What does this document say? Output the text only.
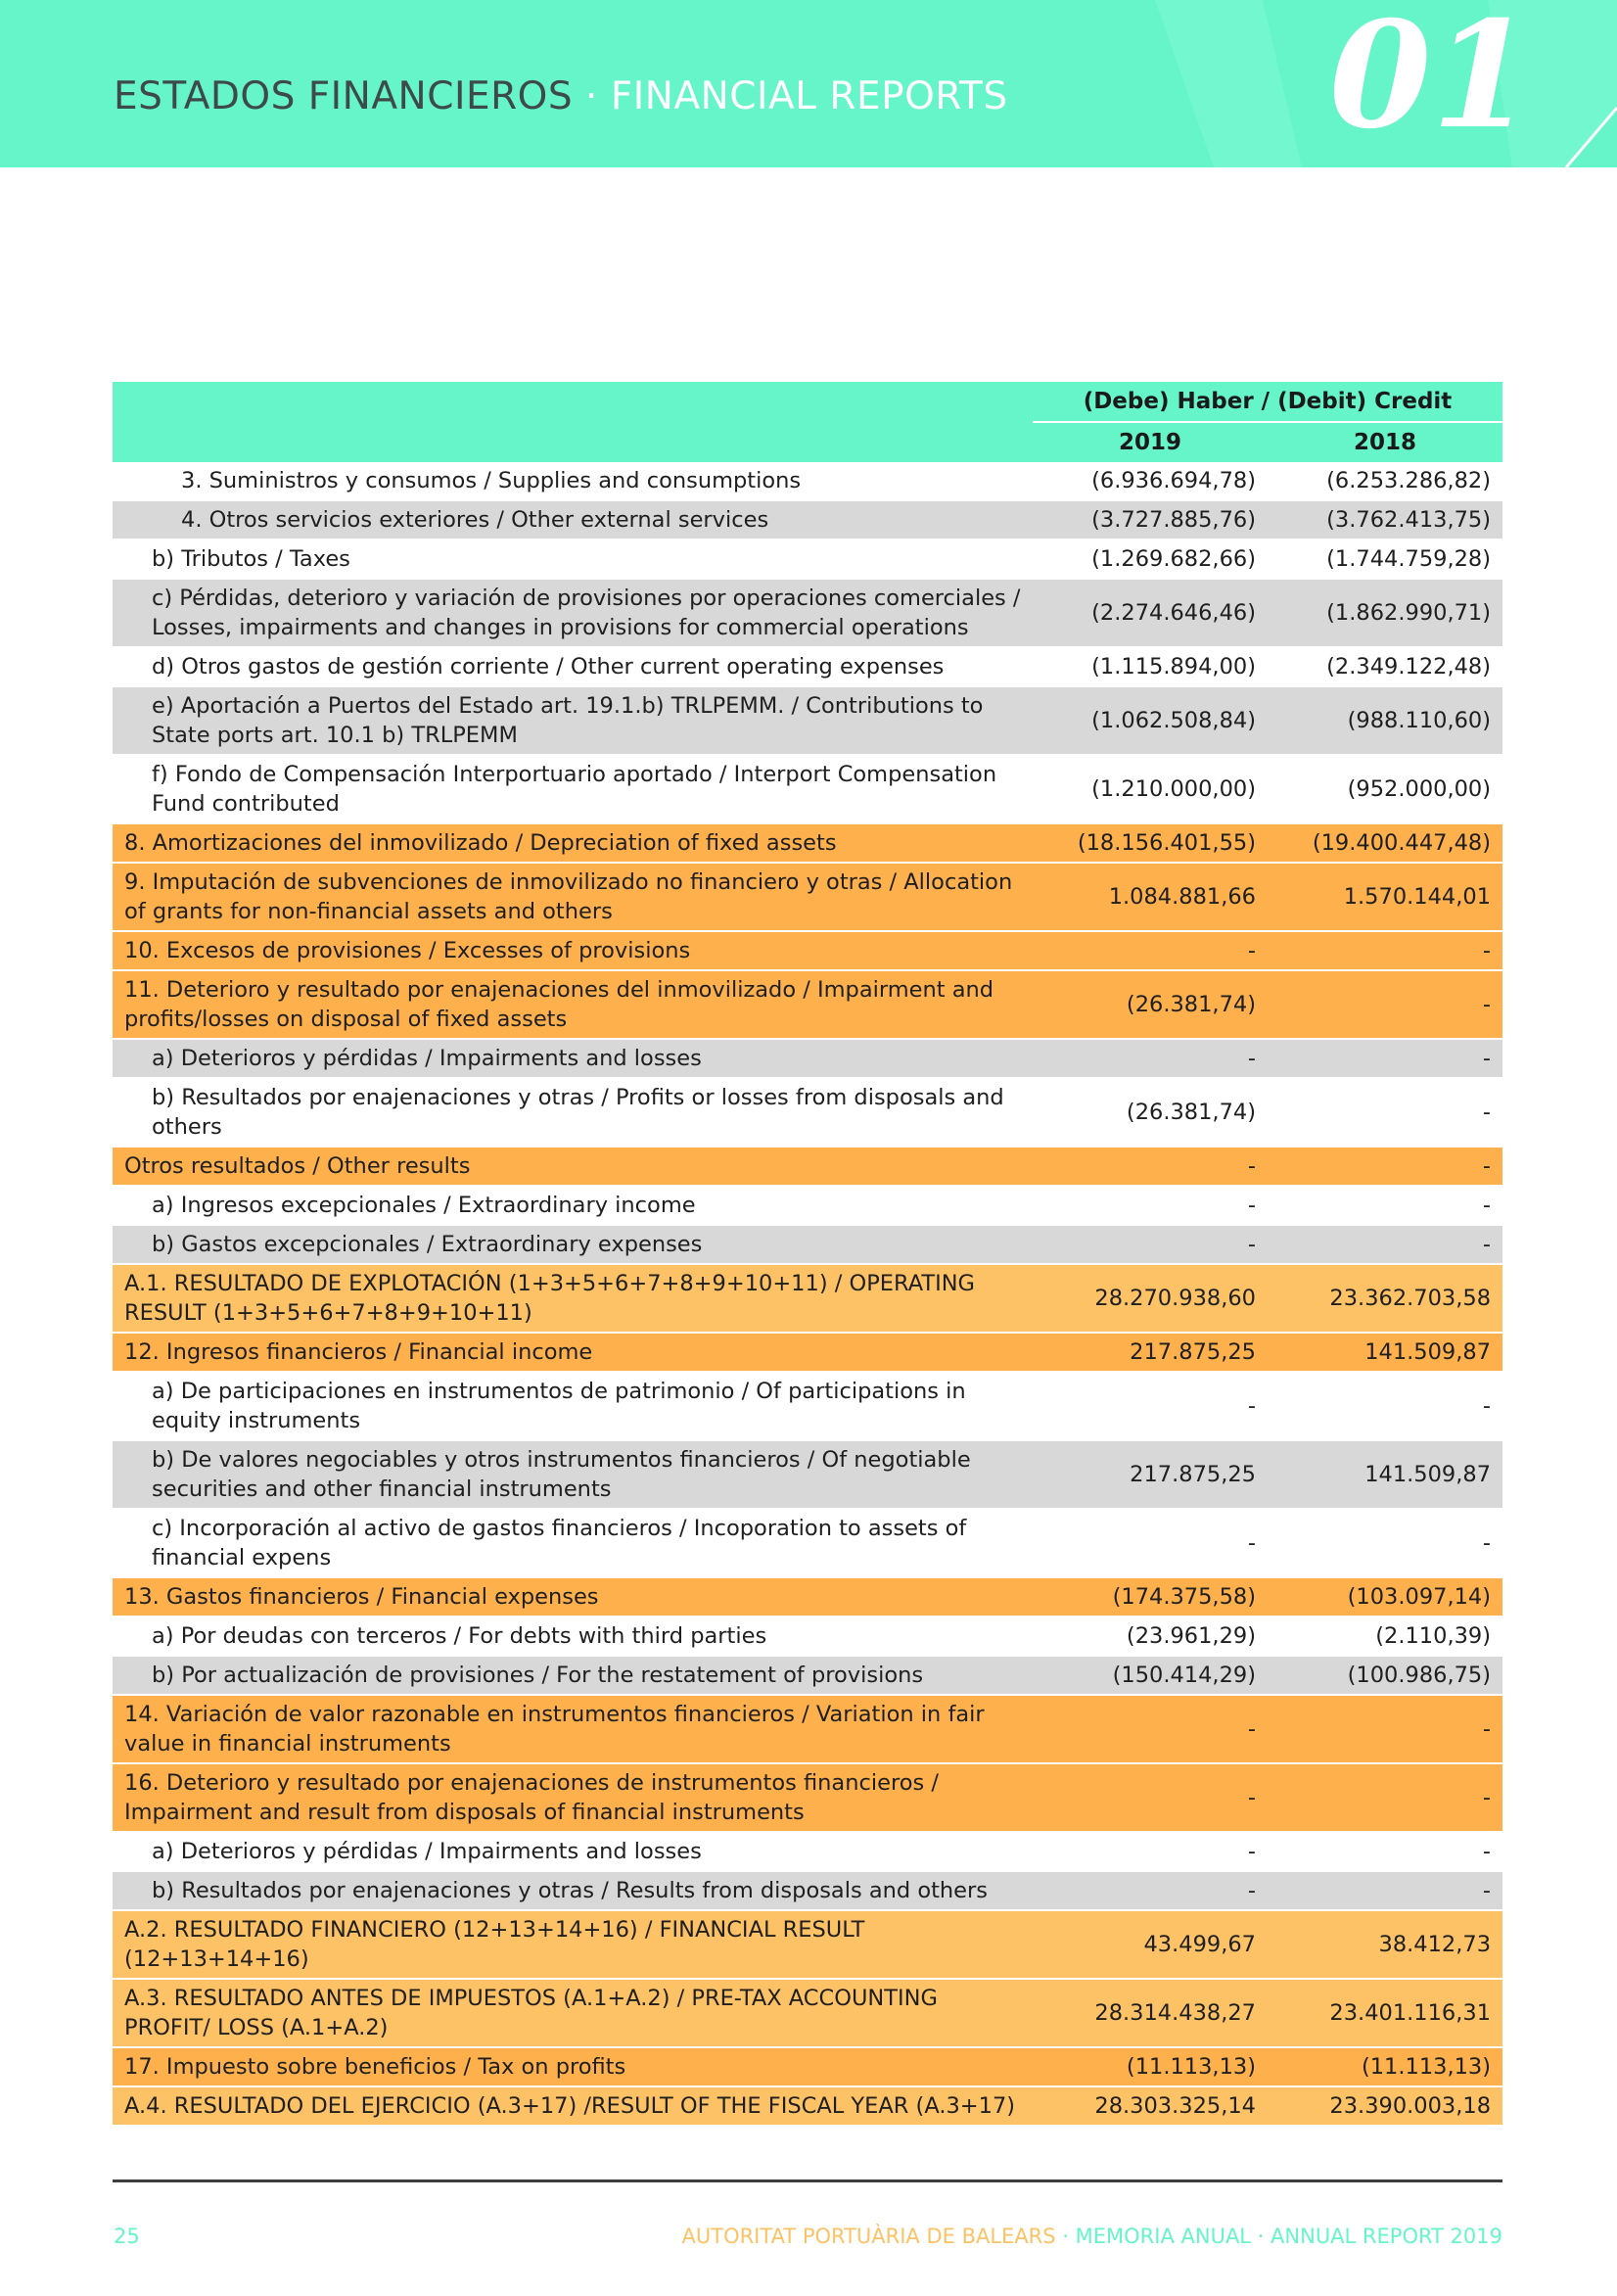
ESTADOS FINANCIEROS · FINANCIAL REPORTS 01
	(Debe) Haber / (Debit) Credit	
	2019	2018
3. Suministros y consumos / Supplies and consumptions	(6.936.694,78)	(6.253.286,82)
4. Otros servicios exteriores / Other external services	(3.727.885,76)	(3.762.413,75)
b) Tributos / Taxes	(1.269.682,66)	(1.744.759,28)
c) Pérdidas, deterioro y variación de provisiones por operaciones comerciales / Losses, impairments and changes in provisions for commercial operations	(2.274.646,46)	(1.862.990,71)
d) Otros gastos de gestión corriente / Other current operating expenses	(1.115.894,00)	(2.349.122,48)
e) Aportación a Puertos del Estado art. 19.1.b) TRLPEMM. / Contributions to State ports art. 10.1 b) TRLPEMM	(1.062.508,84)	(988.110,60)
f) Fondo de Compensación Interportuario aportado / Interport Compensation Fund contributed	(1.210.000,00)	(952.000,00)
8. Amortizaciones del inmovilizado / Depreciation of fixed assets	(18.156.401,55)	(19.400.447,48)
9. Imputación de subvenciones de inmovilizado no financiero y otras / Allocation of grants for non-financial assets and others	1.084.881,66	1.570.144,01
10. Excesos de provisiones / Excesses of provisions	-	-
11. Deterioro y resultado por enajenaciones del inmovilizado / Impairment and profits/losses on disposal of fixed assets	(26.381,74)	-
a) Deterioros y pérdidas / Impairments and losses	-	-
b) Resultados por enajenaciones y otras / Profits or losses from disposals and others	(26.381,74)	-
Otros resultados / Other results	-	-
a) Ingresos excepcionales / Extraordinary income	-	-
b) Gastos excepcionales / Extraordinary expenses	-	-
A.1. RESULTADO DE EXPLOTACIÓN (1+3+5+6+7+8+9+10+11) / OPERATING RESULT (1+3+5+6+7+8+9+10+11)	28.270.938,60	23.362.703,58
12. Ingresos financieros / Financial income	217.875,25	141.509,87
a) De participaciones en instrumentos de patrimonio / Of participations in equity instruments	-	-
b) De valores negociables y otros instrumentos financieros / Of negotiable securities and other financial instruments	217.875,25	141.509,87
c) Incorporación al activo de gastos financieros / Incoporation to assets of financial expens	-	-
13. Gastos financieros / Financial expenses	(174.375,58)	(103.097,14)
a) Por deudas con terceros / For debts with third parties	(23.961,29)	(2.110,39)
b) Por actualización de provisiones / For the restatement of provisions	(150.414,29)	(100.986,75)
14. Variación de valor razonable en instrumentos financieros / Variation in fair value in financial instruments	-	-
16. Deterioro y resultado por enajenaciones de instrumentos financieros / Impairment and result from disposals of financial instruments	-	-
a) Deterioros y pérdidas / Impairments and losses	-	-
b) Resultados por enajenaciones y otras / Results from disposals and others	-	-
A.2. RESULTADO FINANCIERO (12+13+14+16) / FINANCIAL RESULT (12+13+14+16)	43.499,67	38.412,73
A.3. RESULTADO ANTES DE IMPUESTOS (A.1+A.2) / PRE-TAX ACCOUNTING PROFIT/ LOSS (A.1+A.2)	28.314.438,27	23.401.116,31
17. Impuesto sobre beneficios / Tax on profits	(11.113,13)	(11.113,13)
A.4. RESULTADO DEL EJERCICIO (A.3+17) /RESULT OF THE FISCAL YEAR (A.3+17)	28.303.325,14	23.390.003,18
25	AUTORITAT PORTUÀRIA DE BALEARS · MEMORIA ANUAL · ANNUAL REPORT 2019
